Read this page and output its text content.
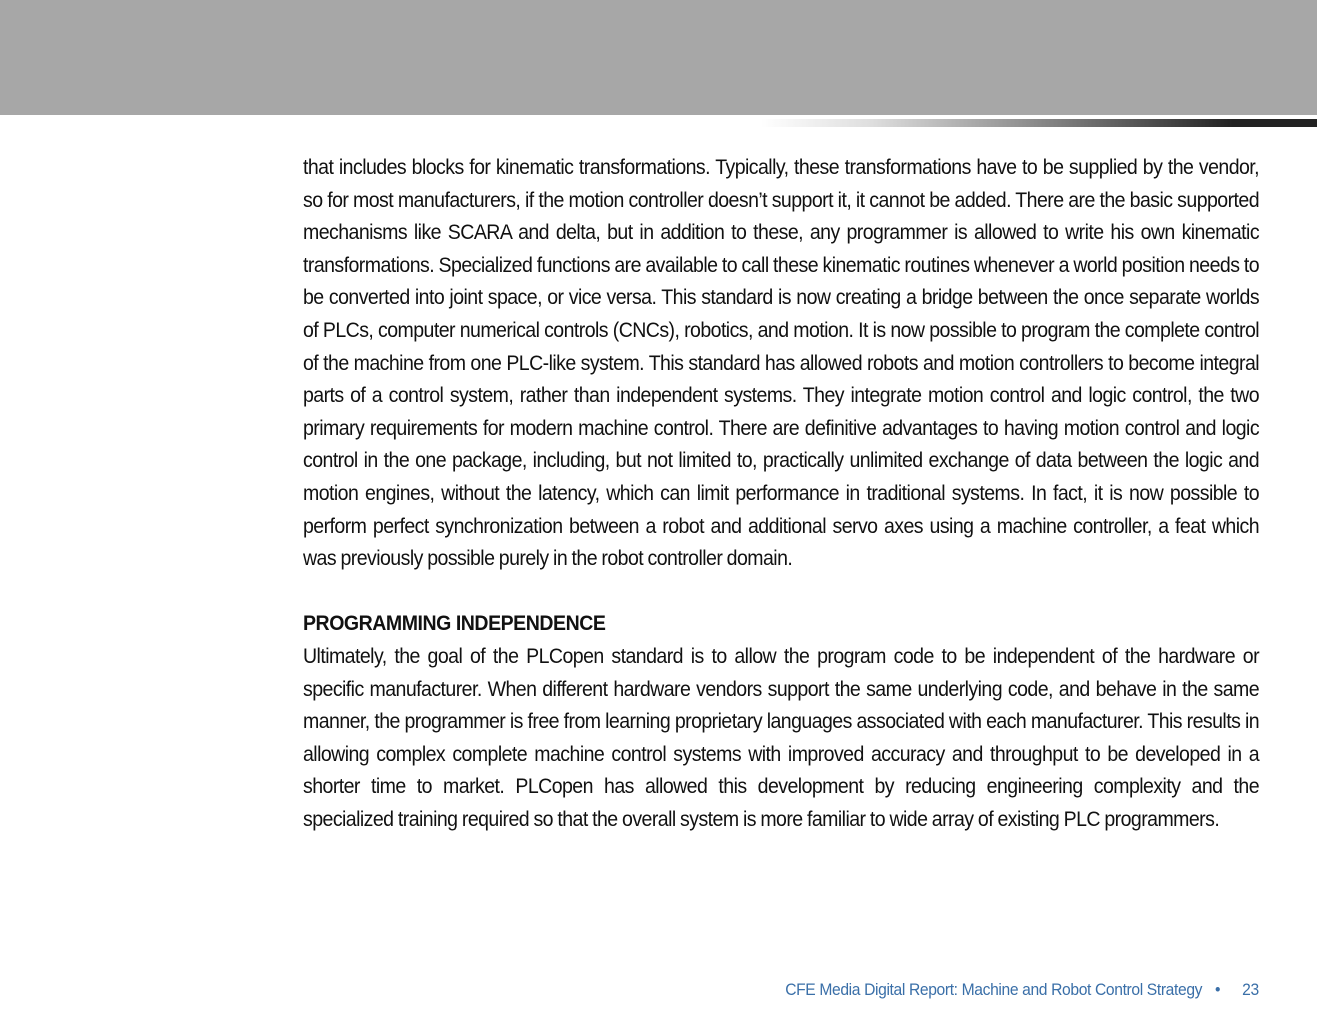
that includes blocks for kinematic transformations. Typically, these transformations have to be supplied by the vendor, so for most manufacturers, if the motion controller doesn’t support it, it cannot be added. There are the basic supported mechanisms like SCARA and delta, but in addition to these, any programmer is allowed to write his own kinematic transformations. Specialized functions are available to call these kinematic routines whenever a world position needs to be converted into joint space, or vice versa. This standard is now creating a bridge between the once separate worlds of PLCs, computer numerical controls (CNCs), robotics, and motion. It is now possible to program the complete control of the machine from one PLC-like system. This standard has allowed robots and motion controllers to become integral parts of a control system, rather than independent systems. They integrate motion control and logic control, the two primary requirements for modern machine control. There are definitive advantages to having motion control and logic control in the one package, including, but not limited to, practically unlimited exchange of data between the logic and motion engines, without the latency, which can limit performance in traditional systems. In fact, it is now possible to perform perfect synchronization between a robot and additional servo axes using a machine controller, a feat which was previously possible purely in the robot controller domain.

PROGRAMMING INDEPENDENCE

Ultimately, the goal of the PLCopen standard is to allow the program code to be independent of the hardware or specific manufacturer. When different hardware vendors support the same underlying code, and behave in the same manner, the programmer is free from learning proprietary languages associated with each manufacturer. This results in allowing complex complete machine control systems with improved accuracy and throughput to be developed in a shorter time to market. PLCopen has allowed this development by reducing engineering complexity and the specialized training required so that the overall system is more familiar to wide array of existing PLC programmers.

CFE Media Digital Report: Machine and Robot Control Strategy • 23
